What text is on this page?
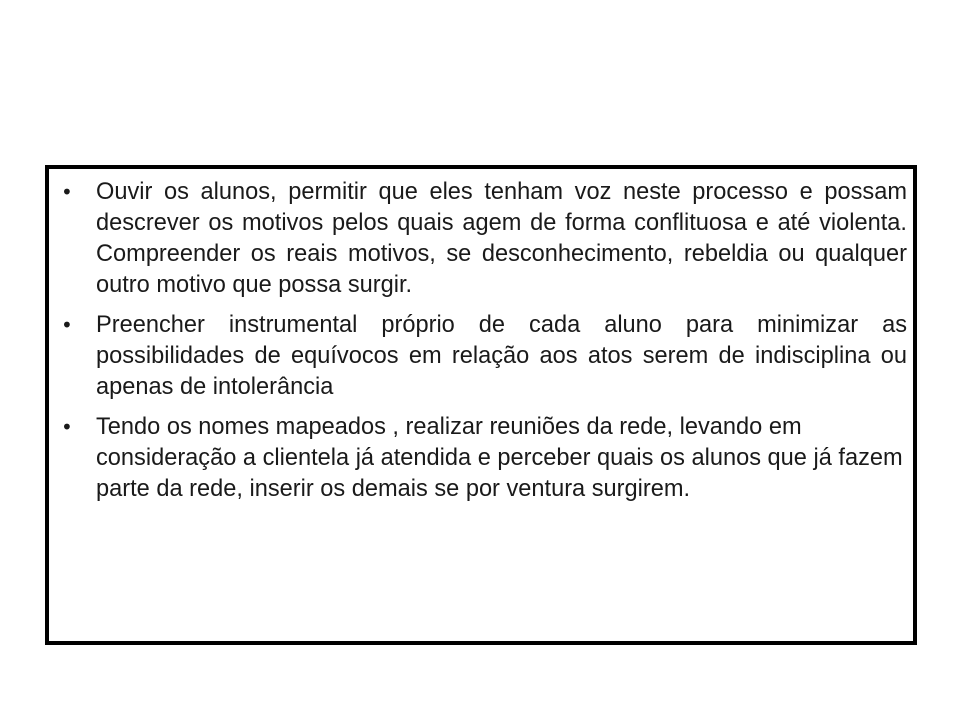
• Ouvir os alunos, permitir que eles tenham voz neste processo e possam descrever os motivos pelos quais agem de forma conflituosa e até violenta. Compreender os reais motivos, se desconhecimento, rebeldia ou qualquer outro motivo que possa surgir.
• Preencher instrumental próprio de cada aluno para minimizar as possibilidades de equívocos em relação aos atos serem de indisciplina ou apenas de intolerância
• Tendo os nomes mapeados , realizar reuniões da rede, levando em consideração a clientela já atendida e perceber quais os alunos que já fazem parte da rede, inserir os demais se por ventura surgirem.
